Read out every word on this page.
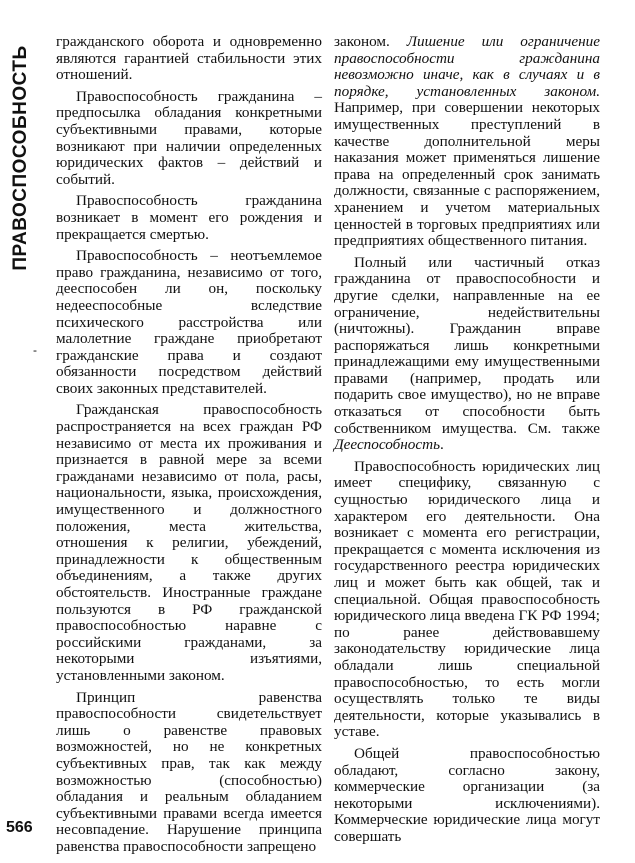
ПРАВОСПОСОБНОСТЬ
-

гражданского оборота и одновременно являются гарантией стабильности этих отношений.

Правоспособность гражданина – предпосылка обладания конкретными субъективными правами, которые возникают при наличии определенных юридических фактов – действий и событий.

Правоспособность гражданина возникает в момент его рождения и прекращается смертью.

Правоспособность – неотъемлемое право гражданина, независимо от того, дееспособен ли он, поскольку недееспособные вследствие психического расстройства или малолетние граждане приобретают гражданские права и создают обязанности посредством действий своих законных представителей.

Гражданская правоспособность распространяется на всех граждан РФ независимо от места их проживания и признается в равной мере за всеми гражданами независимо от пола, расы, национальности, языка, происхождения, имущественного и должностного положения, места жительства, отношения к религии, убеждений, принадлежности к общественным объединениям, а также других обстоятельств. Иностранные граждане пользуются в РФ гражданской правоспособностью наравне с российскими гражданами, за некоторыми изъятиями, установленными законом.

Принцип равенства правоспособности свидетельствует лишь о равенстве правовых возможностей, но не конкретных субъективных прав, так как между возможностью (способностью) обладания и реальным обладанием субъективными правами всегда имеется несовпадение. Нарушение принципа равенства правоспособности запрещено

законом. Лишение или ограничение правоспособности гражданина невозможно иначе, как в случаях и в порядке, установленных законом. Например, при совершении некоторых имущественных преступлений в качестве дополнительной меры наказания может применяться лишение права на определенный срок занимать должности, связанные с распоряжением, хранением и учетом материальных ценностей в торговых предприятиях или предприятиях общественного питания.

Полный или частичный отказ гражданина от правоспособности и другие сделки, направленные на ее ограничение, недействительны (ничтожны). Гражданин вправе распоряжаться лишь конкретными принадлежащими ему имущественными правами (например, продать или подарить свое имущество), но не вправе отказаться от способности быть собственником имущества. См. также Дееспособность.

Правоспособность юридических лиц имеет специфику, связанную с сущностью юридического лица и характером его деятельности. Она возникает с момента его регистрации, прекращается с момента исключения из государственного реестра юридических лиц и может быть как общей, так и специальной. Общая правоспособность юридического лица введена ГК РФ 1994; по ранее действовавшему законодательству юридические лица обладали лишь специальной правоспособностью, то есть могли осуществлять только те виды деятельности, которые указывались в уставе.

Общей правоспособностью обладают, согласно закону, коммерческие организации (за некоторыми исключениями). Коммерческие юридические лица могут совершать

566
